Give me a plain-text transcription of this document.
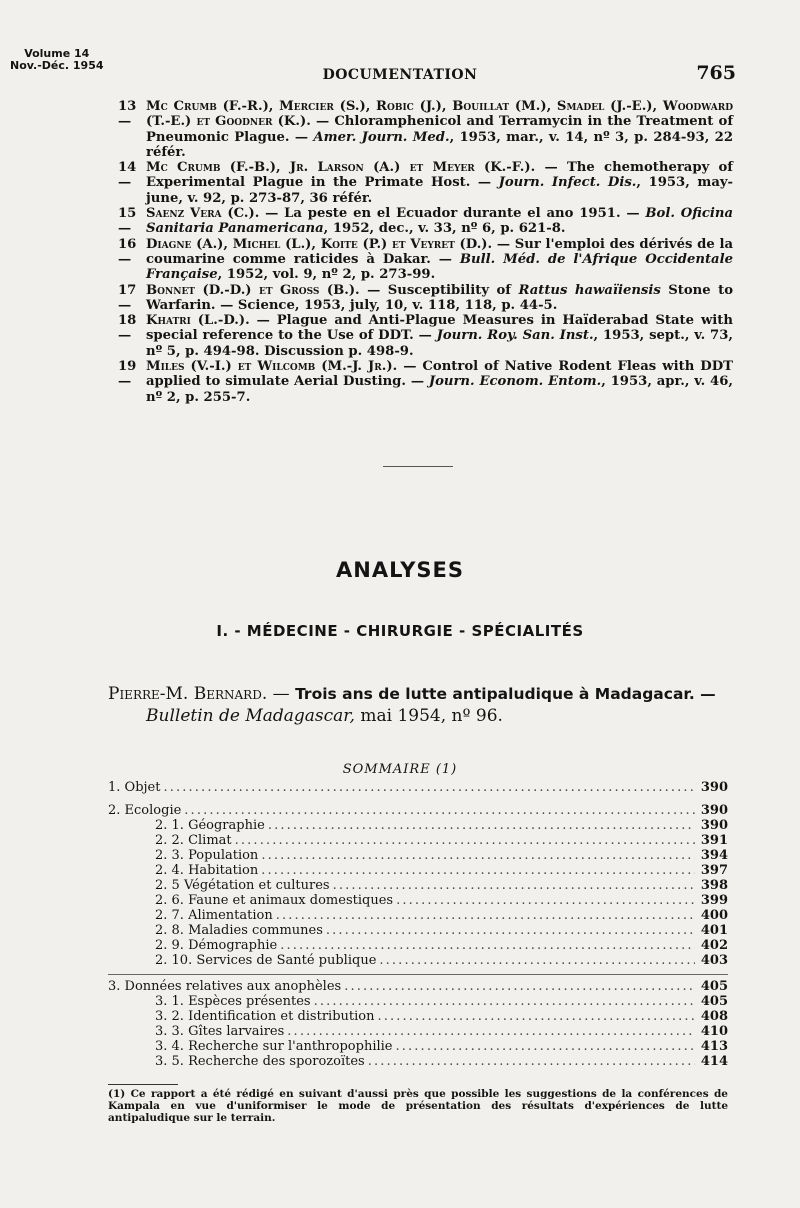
Volume 14
Nov.-Déc. 1954
DOCUMENTATION	765
13 —
Mc Crumb (F.-R.), Mercier (S.), Robic (J.), Bouillat (M.), Smadel (J.-E.), Woodward (T.-E.) et Goodner (K.). — Chloramphenicol and Terramycin in the Treatment of Pneumonic Plague. — Amer. Journ. Med., 1953, mar., v. 14, nº 3, p. 284-93, 22 référ.
14 —
Mc Crumb (F.-B.), Jr. Larson (A.) et Meyer (K.-F.). — The chemotherapy of Experimental Plague in the Primate Host. — Journ. Infect. Dis., 1953, may-june, v. 92, p. 273-87, 36 référ.
15 —
Saenz Vera (C.). — La peste en el Ecuador durante el ano 1951. — Bol. Oficina Sanitaria Panamericana, 1952, dec., v. 33, nº 6, p. 621-8.
16 —
Diagne (A.), Michel (L.), Koite (P.) et Veyret (D.). — Sur l'emploi des dérivés de la coumarine comme raticides à Dakar. — Bull. Méd. de l'Afrique Occidentale Française, 1952, vol. 9, nº 2, p. 273-99.
17 —
Bonnet (D.-D.) et Gross (B.). — Susceptibility of Rattus hawaïiensis Stone to Warfarin. — Science, 1953, july, 10, v. 118, 118, p. 44-5.
18 —
Khatri (L.-D.). — Plague and Anti-Plague Measures in Haïderabad State with special reference to the Use of DDT. — Journ. Roy. San. Inst., 1953, sept., v. 73, nº 5, p. 494-98. Discussion p. 498-9.
19 —
Miles (V.-I.) et Wilcomb (M.-J. Jr.). — Control of Native Rodent Fleas with DDT applied to simulate Aerial Dusting. — Journ. Econom. Entom., 1953, apr., v. 46, nº 2, p. 255-7.
ANALYSES
I. - MÉDECINE - CHIRURGIE - SPÉCIALITÉS
Pierre-M. Bernard. — Trois ans de lutte antipaludique à Madagacar. —
Bulletin de Madagascar, mai 1954, nº 96.
SOMMAIRE (1)
1. Objet . . .	390
2. Ecologie . . .	390
2. 1. Géographie . . .	390
2. 2. Climat . . .	391
2. 3. Population . . .	394
2. 4. Habitation . . .	397
2. 5 Végétation et cultures . . .	398
2. 6. Faune et animaux domestiques . . .	399
2. 7. Alimentation . . .	400
2. 8. Maladies communes . . .	401
2. 9. Démographie . . .	402
2. 10. Services de Santé publique . . .	403
3. Données relatives aux anophèles . . .	405
3. 1. Espèces présentes . . .	405
3. 2. Identification et distribution . . .	408
3. 3. Gîtes larvaires . . .	410
3. 4. Recherche sur l'anthropophilie . . .	413
3. 5. Recherche des sporozoïtes . . .	414
(1) Ce rapport a été rédigé en suivant d'aussi près que possible les suggestions de la conférences de Kampala en vue d'uniformiser le mode de présentation des résultats d'expériences de lutte antipaludique sur le terrain.
